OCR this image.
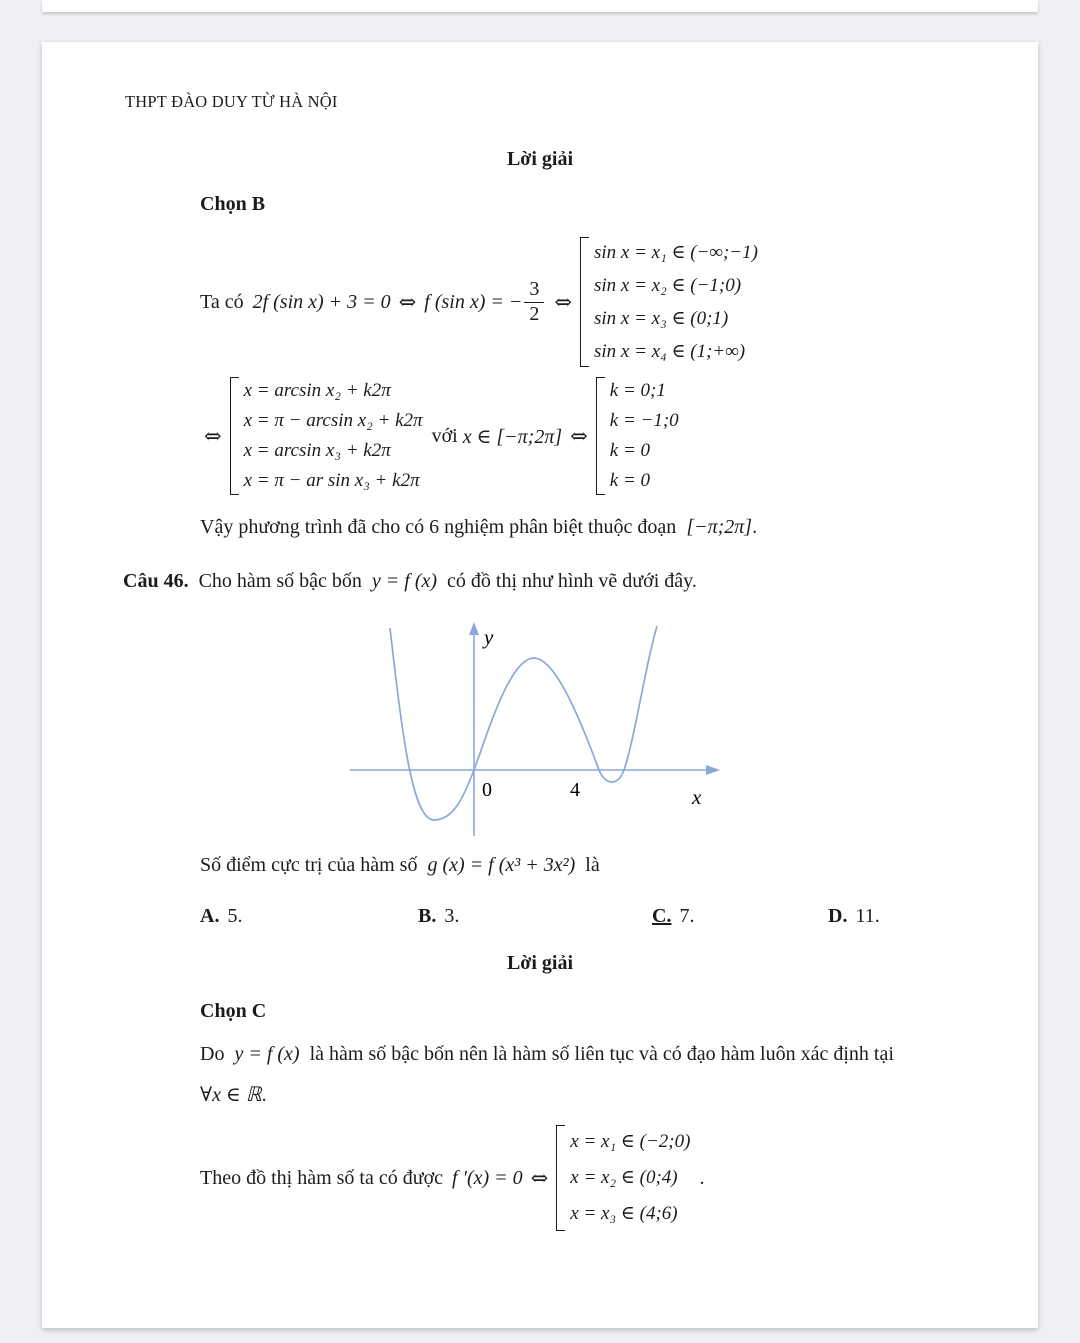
THPT ĐÀO DUY TỪ HÀ NỘI
Lời giải
Chọn B
Ta có 2f (sin x) + 3 = 0 ⇔ f (sin x) = − $\frac{3}{2}$ ⇔
sin x = x₁ ∈ (−∞;−1)
sin x = x₂ ∈ (−1;0)
sin x = x₃ ∈ (0;1)
sin x = x₄ ∈ (1;+∞)
⇔
x = arcsin x₂ + k2π
x = π − arcsin x₂ + k2π
x = arcsin x₃ + k2π
x = π − ar sin x₃ + k2π
với x ∈ [−π;2π] ⇔
k = 0;1
k = −1;0
k = 0
k = 0
Vậy phương trình đã cho có 6 nghiệm phân biệt thuộc đoạn [−π;2π].
Câu 46. Cho hàm số bậc bốn y = f (x) có đồ thị như hình vẽ dưới đây.
y
x
0	4
Số điểm cực trị của hàm số g (x) = f (x³ + 3x²) là
A. 5.	B. 3.	C. 7.	D. 11.
Lời giải
Chọn C
Do y = f (x) là hàm số bậc bốn nên là hàm số liên tục và có đạo hàm luôn xác định tại
∀x ∈ ℝ.
Theo đồ thị hàm số ta có được f ′(x) = 0 ⇔
x = x₁ ∈ (−2;0)
x = x₂ ∈ (0;4)
x = x₃ ∈ (4;6)
.
